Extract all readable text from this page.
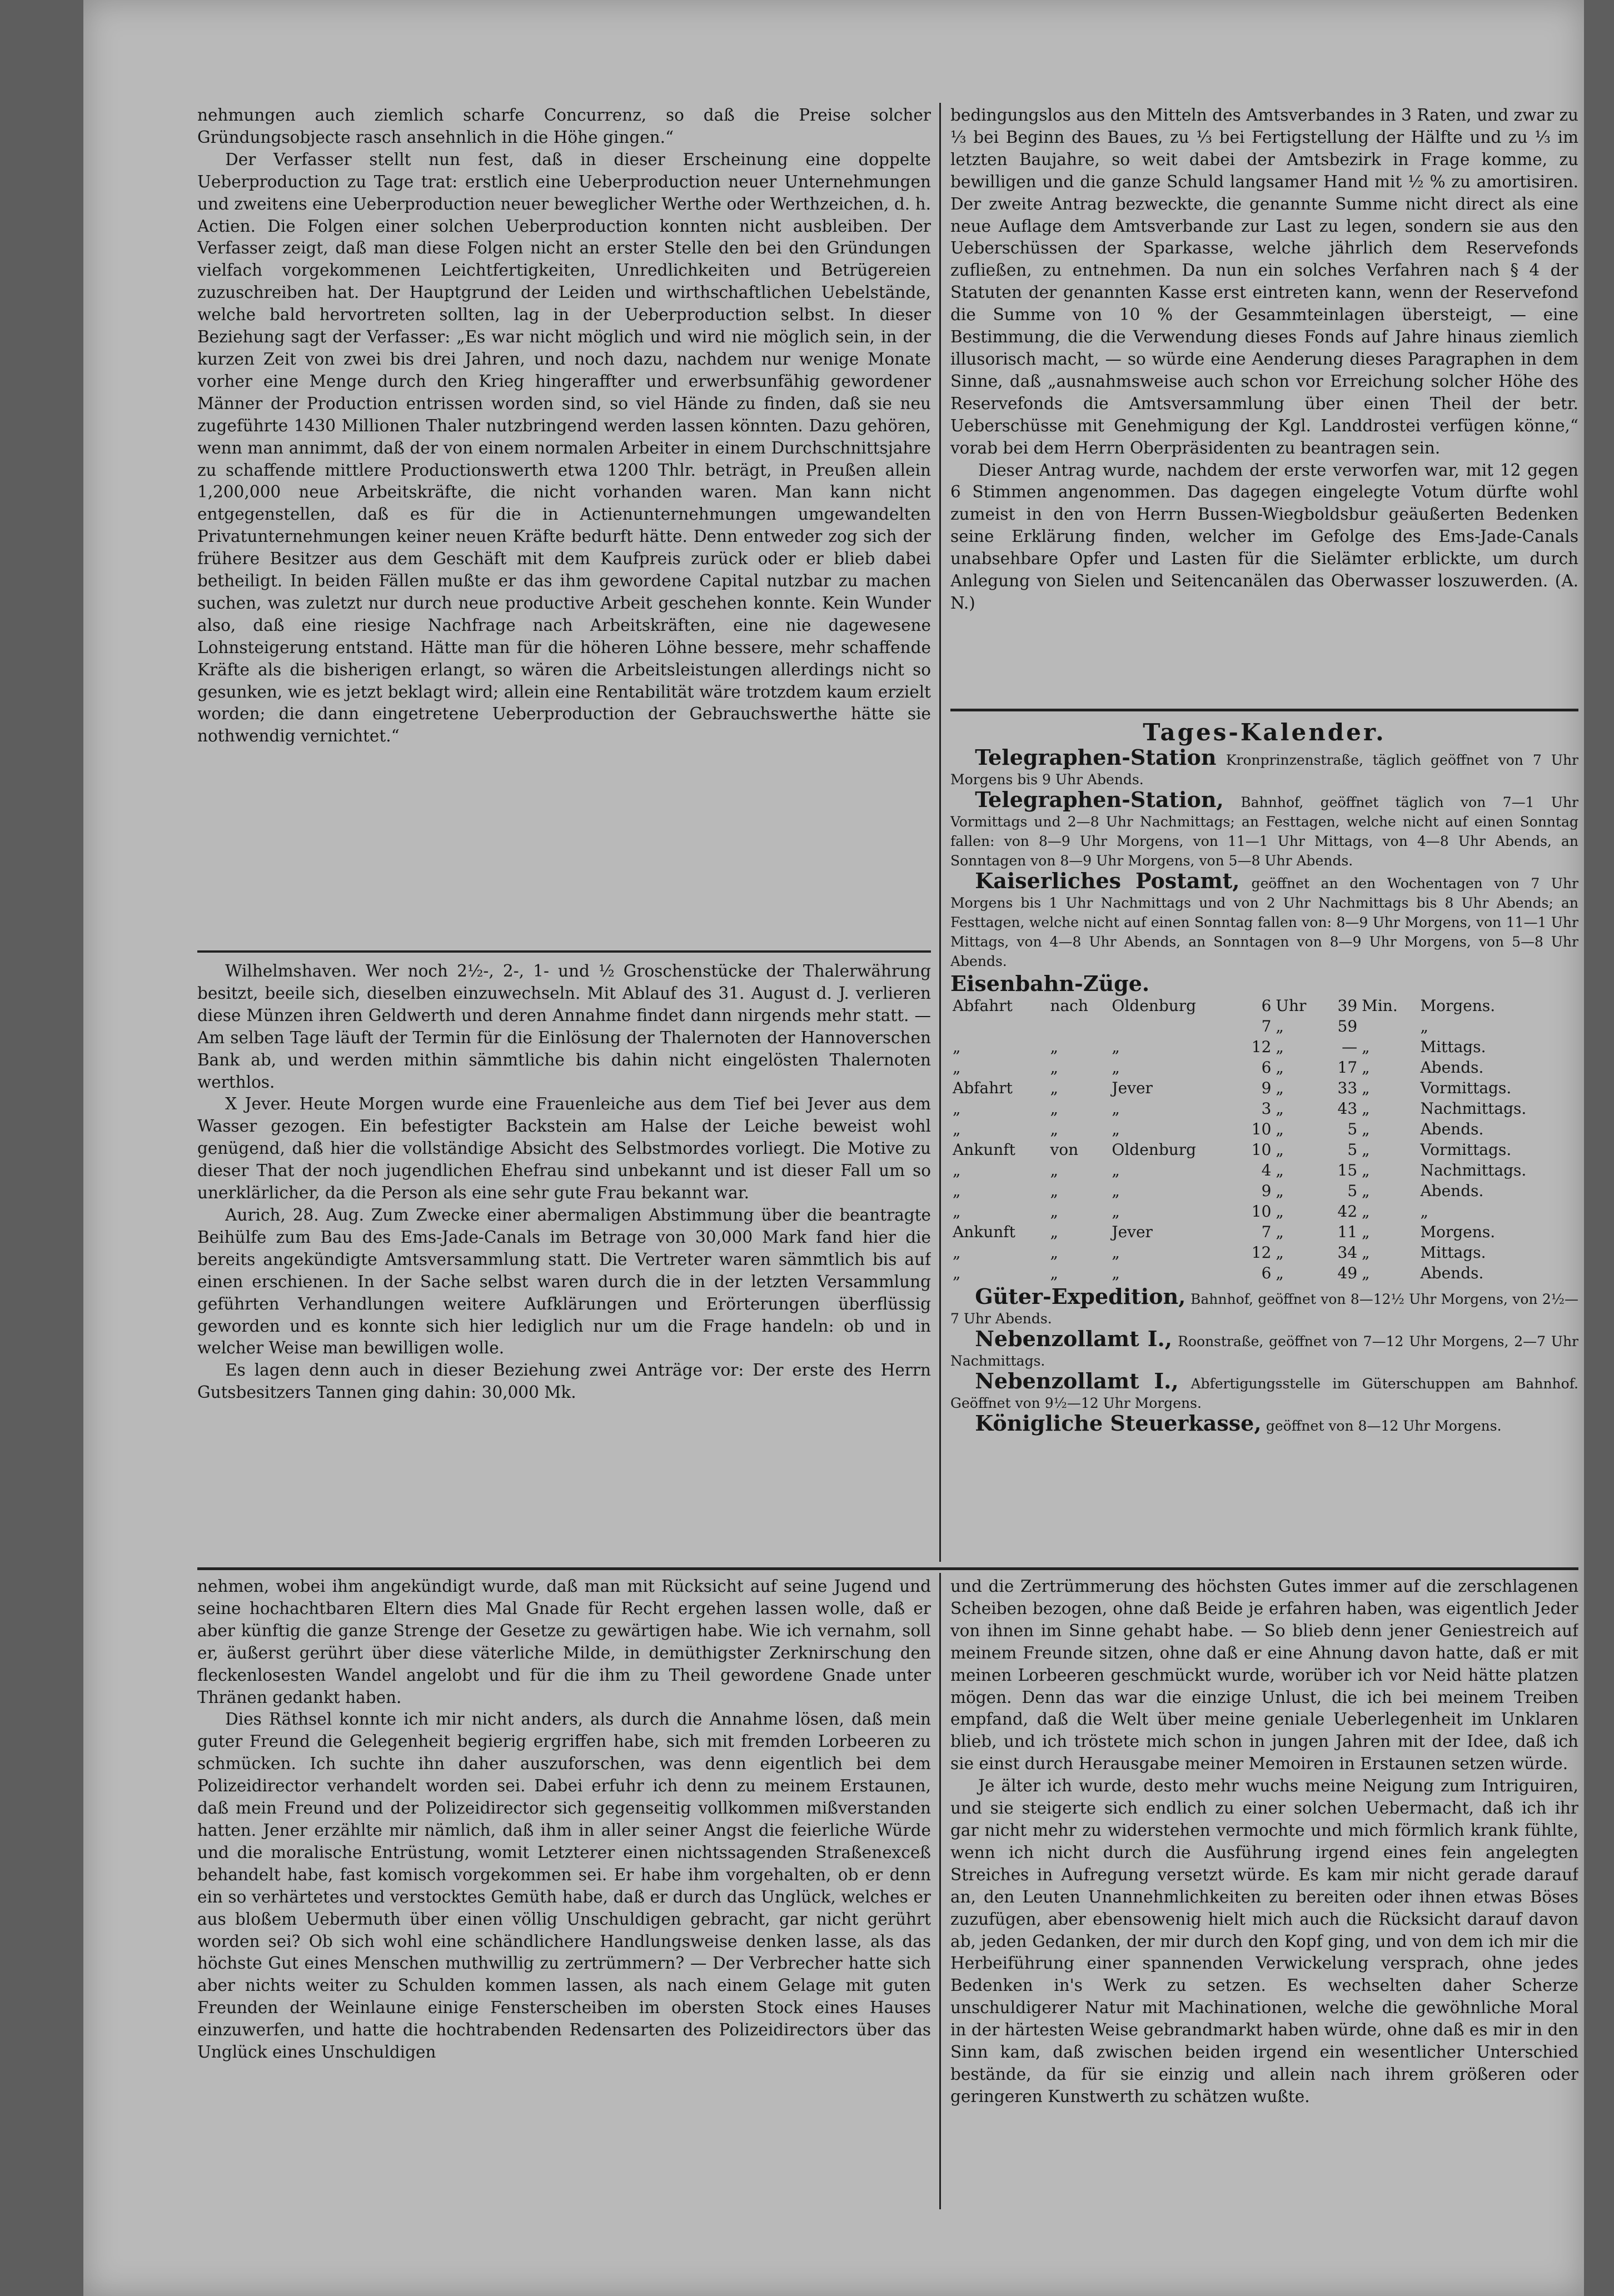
nehmungen auch ziemlich scharfe Concurrenz, so daß die Preise solcher Gründungsobjecte rasch ansehnlich in die Höhe gingen.“

Der Verfasser stellt nun fest, daß in dieser Erscheinung eine doppelte Ueberproduction zu Tage trat: erstlich eine Ueberproduction neuer Unternehmungen und zweitens eine Ueberproduction neuer beweglicher Werthe oder Werthzeichen, d. h. Actien. Die Folgen einer solchen Ueberproduction konnten nicht ausbleiben. Der Verfasser zeigt, daß man diese Folgen nicht an erster Stelle den bei den Gründungen vielfach vorgekommenen Leichtfertigkeiten, Unredlichkeiten und Betrügereien zuzuschreiben hat. Der Hauptgrund der Leiden und wirthschaftlichen Uebelstände, welche bald hervortreten sollten, lag in der Ueberproduction selbst. In dieser Beziehung sagt der Verfasser: „Es war nicht möglich und wird nie möglich sein, in der kurzen Zeit von zwei bis drei Jahren, und noch dazu, nachdem nur wenige Monate vorher eine Menge durch den Krieg hingeraffter und erwerbsunfähig gewordener Männer der Production entrissen worden sind, so viel Hände zu finden, daß sie neu zugeführte 1430 Millionen Thaler nutzbringend werden lassen könnten. Dazu gehören, wenn man annimmt, daß der von einem normalen Arbeiter in einem Durchschnittsjahre zu schaffende mittlere Productionswerth etwa 1200 Thlr. beträgt, in Preußen allein 1,200,000 neue Arbeitskräfte, die nicht vorhanden waren. Man kann nicht entgegenstellen, daß es für die in Actienunternehmungen umgewandelten Privatunternehmungen keiner neuen Kräfte bedurft hätte. Denn entweder zog sich der frühere Besitzer aus dem Geschäft mit dem Kaufpreis zurück oder er blieb dabei betheiligt. In beiden Fällen mußte er das ihm gewordene Capital nutzbar zu machen suchen, was zuletzt nur durch neue productive Arbeit geschehen konnte. Kein Wunder also, daß eine riesige Nachfrage nach Arbeitskräften, eine nie dagewesene Lohnsteigerung entstand. Hätte man für die höheren Löhne bessere, mehr schaffende Kräfte als die bisherigen erlangt, so wären die Arbeitsleistungen allerdings nicht so gesunken, wie es jetzt beklagt wird; allein eine Rentabilität wäre trotzdem kaum erzielt worden; die dann eingetretene Ueberproduction der Gebrauchswerthe hätte sie nothwendig vernichtet.“

Wilhelmshaven. Wer noch 2½-, 2-, 1- und ½ Groschenstücke der Thalerwährung besitzt, beeile sich, dieselben einzuwechseln. Mit Ablauf des 31. August d. J. verlieren diese Münzen ihren Geldwerth und deren Annahme findet dann nirgends mehr statt. — Am selben Tage läuft der Termin für die Einlösung der Thalernoten der Hannoverschen Bank ab, und werden mithin sämmtliche bis dahin nicht eingelösten Thalernoten werthlos.

X Jever. Heute Morgen wurde eine Frauenleiche aus dem Tief bei Jever aus dem Wasser gezogen. Ein befestigter Backstein am Halse der Leiche beweist wohl genügend, daß hier die vollständige Absicht des Selbstmordes vorliegt. Die Motive zu dieser That der noch jugendlichen Ehefrau sind unbekannt und ist dieser Fall um so unerklärlicher, da die Person als eine sehr gute Frau bekannt war.

Aurich, 28. Aug. Zum Zwecke einer abermaligen Abstimmung über die beantragte Beihülfe zum Bau des Ems-Jade-Canals im Betrage von 30,000 Mark fand hier die bereits angekündigte Amtsversammlung statt. Die Vertreter waren sämmtlich bis auf einen erschienen. In der Sache selbst waren durch die in der letzten Versammlung geführten Verhandlungen weitere Aufklärungen und Erörterungen überflüssig geworden und es konnte sich hier lediglich nur um die Frage handeln: ob und in welcher Weise man bewilligen wolle.

Es lagen denn auch in dieser Beziehung zwei Anträge vor: Der erste des Herrn Gutsbesitzers Tannen ging dahin: 30,000 Mk.

bedingungslos aus den Mitteln des Amtsverbandes in 3 Raten, und zwar zu ⅓ bei Beginn des Baues, zu ⅓ bei Fertigstellung der Hälfte und zu ⅓ im letzten Baujahre, so weit dabei der Amtsbezirk in Frage komme, zu bewilligen und die ganze Schuld langsamer Hand mit ½ % zu amortisiren. Der zweite Antrag bezweckte, die genannte Summe nicht direct als eine neue Auflage dem Amtsverbande zur Last zu legen, sondern sie aus den Ueberschüssen der Sparkasse, welche jährlich dem Reservefonds zufließen, zu entnehmen. Da nun ein solches Verfahren nach § 4 der Statuten der genannten Kasse erst eintreten kann, wenn der Reservefond die Summe von 10 % der Gesammteinlagen übersteigt, — eine Bestimmung, die die Verwendung dieses Fonds auf Jahre hinaus ziemlich illusorisch macht, — so würde eine Aenderung dieses Paragraphen in dem Sinne, daß „ausnahmsweise auch schon vor Erreichung solcher Höhe des Reservefonds die Amtsversammlung über einen Theil der betr. Ueberschüsse mit Genehmigung der Kgl. Landdrostei verfügen könne,“ vorab bei dem Herrn Oberpräsidenten zu beantragen sein.

Dieser Antrag wurde, nachdem der erste verworfen war, mit 12 gegen 6 Stimmen angenommen. Das dagegen eingelegte Votum dürfte wohl zumeist in den von Herrn Bussen-Wiegboldsbur geäußerten Bedenken seine Erklärung finden, welcher im Gefolge des Ems-Jade-Canals unabsehbare Opfer und Lasten für die Sielämter erblickte, um durch Anlegung von Sielen und Seitencanälen das Oberwasser loszuwerden. (A. N.)

Tages-Kalender.

Telegraphen-Station Kronprinzenstraße, täglich geöffnet von 7 Uhr Morgens bis 9 Uhr Abends.

Telegraphen-Station, Bahnhof, geöffnet täglich von 7—1 Uhr Vormittags und 2—8 Uhr Nachmittags; an Festtagen, welche nicht auf einen Sonntag fallen: von 8—9 Uhr Morgens, von 11—1 Uhr Mittags, von 4—8 Uhr Abends, an Sonntagen von 8—9 Uhr Morgens, von 5—8 Uhr Abends.

Kaiserliches Postamt, geöffnet an den Wochentagen von 7 Uhr Morgens bis 1 Uhr Nachmittags und von 2 Uhr Nachmittags bis 8 Uhr Abends; an Festtagen, welche nicht auf einen Sonntag fallen von: 8—9 Uhr Morgens, von 11—1 Uhr Mittags, von 4—8 Uhr Abends, an Sonntagen von 8—9 Uhr Morgens, von 5—8 Uhr Abends.

Eisenbahn-Züge.
Abfahrt	nach	Oldenburg	6	Uhr	39	Min.	Morgens.
			7	„	59		„
„	„	„	12	„	—	„	Mittags.
„	„	„	6	„	17	„	Abends.
Abfahrt	„	Jever	9	„	33	„	Vormittags.
„	„	„	3	„	43	„	Nachmittags.
„	„	„	10	„	5	„	Abends.
Ankunft	von	Oldenburg	10	„	5	„	Vormittags.
„	„	„	4	„	15	„	Nachmittags.
„	„	„	9	„	5	„	Abends.
„	„	„	10	„	42	„	„
Ankunft	„	Jever	7	„	11	„	Morgens.
„	„	„	12	„	34	„	Mittags.
„	„	„	6	„	49	„	Abends.

Güter-Expedition, Bahnhof, geöffnet von 8—12½ Uhr Morgens, von 2½—7 Uhr Abends.

Nebenzollamt I., Roonstraße, geöffnet von 7—12 Uhr Morgens, 2—7 Uhr Nachmittags.

Nebenzollamt I., Abfertigungsstelle im Güterschuppen am Bahnhof. Geöffnet von 9½—12 Uhr Morgens.

Königliche Steuerkasse, geöffnet von 8—12 Uhr Morgens.

nehmen, wobei ihm angekündigt wurde, daß man mit Rücksicht auf seine Jugend und seine hochachtbaren Eltern dies Mal Gnade für Recht ergehen lassen wolle, daß er aber künftig die ganze Strenge der Gesetze zu gewärtigen habe. Wie ich vernahm, soll er, äußerst gerührt über diese väterliche Milde, in demüthigster Zerknirschung den fleckenlosesten Wandel angelobt und für die ihm zu Theil gewordene Gnade unter Thränen gedankt haben.

Dies Räthsel konnte ich mir nicht anders, als durch die Annahme lösen, daß mein guter Freund die Gelegenheit begierig ergriffen habe, sich mit fremden Lorbeeren zu schmücken. Ich suchte ihn daher auszuforschen, was denn eigentlich bei dem Polizeidirector verhandelt worden sei. Dabei erfuhr ich denn zu meinem Erstaunen, daß mein Freund und der Polizeidirector sich gegenseitig vollkommen mißverstanden hatten. Jener erzählte mir nämlich, daß ihm in aller seiner Angst die feierliche Würde und die moralische Entrüstung, womit Letzterer einen nichtssagenden Straßenexceß behandelt habe, fast komisch vorgekommen sei. Er habe ihm vorgehalten, ob er denn ein so verhärtetes und verstocktes Gemüth habe, daß er durch das Unglück, welches er aus bloßem Uebermuth über einen völlig Unschuldigen gebracht, gar nicht gerührt worden sei? Ob sich wohl eine schändlichere Handlungsweise denken lasse, als das höchste Gut eines Menschen muthwillig zu zertrümmern? — Der Verbrecher hatte sich aber nichts weiter zu Schulden kommen lassen, als nach einem Gelage mit guten Freunden der Weinlaune einige Fensterscheiben im obersten Stock eines Hauses einzuwerfen, und hatte die hochtrabenden Redensarten des Polizeidirectors über das Unglück eines Unschuldigen

und die Zertrümmerung des höchsten Gutes immer auf die zerschlagenen Scheiben bezogen, ohne daß Beide je erfahren haben, was eigentlich Jeder von ihnen im Sinne gehabt habe. — So blieb denn jener Geniestreich auf meinem Freunde sitzen, ohne daß er eine Ahnung davon hatte, daß er mit meinen Lorbeeren geschmückt wurde, worüber ich vor Neid hätte platzen mögen. Denn das war die einzige Unlust, die ich bei meinem Treiben empfand, daß die Welt über meine geniale Ueberlegenheit im Unklaren blieb, und ich tröstete mich schon in jungen Jahren mit der Idee, daß ich sie einst durch Herausgabe meiner Memoiren in Erstaunen setzen würde.

Je älter ich wurde, desto mehr wuchs meine Neigung zum Intriguiren, und sie steigerte sich endlich zu einer solchen Uebermacht, daß ich ihr gar nicht mehr zu widerstehen vermochte und mich förmlich krank fühlte, wenn ich nicht durch die Ausführung irgend eines fein angelegten Streiches in Aufregung versetzt würde. Es kam mir nicht gerade darauf an, den Leuten Unannehmlichkeiten zu bereiten oder ihnen etwas Böses zuzufügen, aber ebensowenig hielt mich auch die Rücksicht darauf davon ab, jeden Gedanken, der mir durch den Kopf ging, und von dem ich mir die Herbeiführung einer spannenden Verwickelung versprach, ohne jedes Bedenken in's Werk zu setzen. Es wechselten daher Scherze unschuldigerer Natur mit Machinationen, welche die gewöhnliche Moral in der härtesten Weise gebrandmarkt haben würde, ohne daß es mir in den Sinn kam, daß zwischen beiden irgend ein wesentlicher Unterschied bestände, da für sie einzig und allein nach ihrem größeren oder geringeren Kunstwerth zu schätzen wußte.
